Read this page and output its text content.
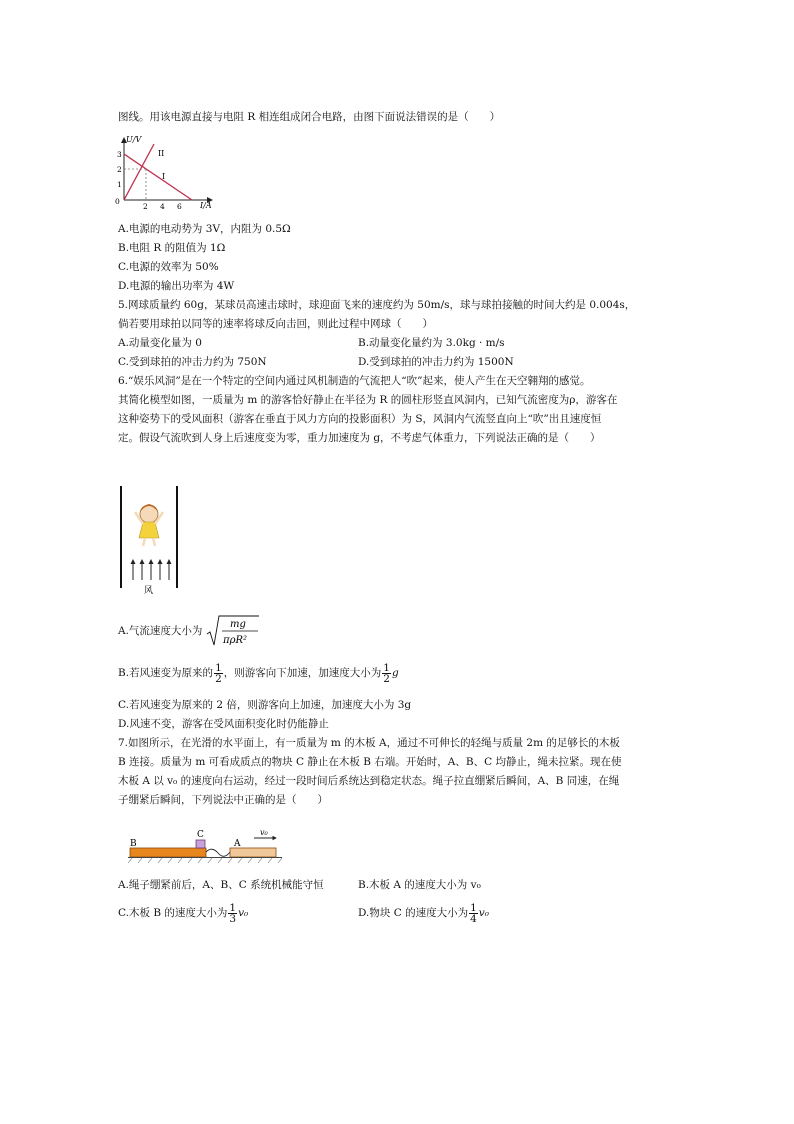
图线。用该电源直接与电阻 R 相连组成闭合电路，由图下面说法错误的是（　　）
U/V
I/A
0
3
2
1
2 4 6
II
I
A.电源的电动势为 3V，内阻为 0.5Ω
B.电阻 R 的阻值为 1Ω
C.电源的效率为 50%
D.电源的输出功率为 4W
5.网球质量约 60g，某球员高速击球时，球迎面飞来的速度约为 50m/s，球与球拍接触的时间大约是 0.004s，
倘若要用球拍以同等的速率将球反向击回，则此过程中网球（　　）
A.动量变化量为 0	B.动量变化量约为 3.0kg · m/s
C.受到球拍的冲击力约为 750N	D.受到球拍的冲击力约为 1500N
6.“娱乐风洞”是在一个特定的空间内通过风机制造的气流把人“吹”起来，使人产生在天空翱翔的感觉。
其简化模型如图，一质量为 m 的游客恰好静止在半径为 R 的圆柱形竖直风洞内，已知气流密度为ρ，游客在
这种姿势下的受风面积（游客在垂直于风力方向的投影面积）为 S，风洞内气流竖直向上“吹”出且速度恒
定。假设气流吹到人身上后速度变为零，重力加速度为 g，不考虑气体重力，下列说法正确的是（　　）
风
A.气流速度大小为
mg
πρR²
B.若风速变为原来的 $\frac{1}{2}$ ，则游客向下加速，加速度大小为 $\frac{1}{2}$ g
C.若风速变为原来的 2 倍，则游客向上加速，加速度大小为 3g
D.风速不变，游客在受风面积变化时仍能静止
7.如图所示，在光滑的水平面上，有一质量为 m 的木板 A，通过不可伸长的轻绳与质量 2m 的足够长的木板
B 连接。质量为 m 可看成质点的物块 C 静止在木板 B 右端。开始时，A、B、C 均静止，绳未拉紧。现在使
木板 A 以 v₀ 的速度向右运动，经过一段时间后系统达到稳定状态。绳子拉直绷紧后瞬间，A、B 同速，在绳
子绷紧后瞬间，下列说法中正确的是（　　）
B
C
A
v₀
A.绳子绷紧前后，A、B、C 系统机械能守恒	B.木板 A 的速度大小为 v₀
C.木板 B 的速度大小为 $\frac{1}{3} v_0$	D.物块 C 的速度大小为 $\frac{1}{4} v_0$
